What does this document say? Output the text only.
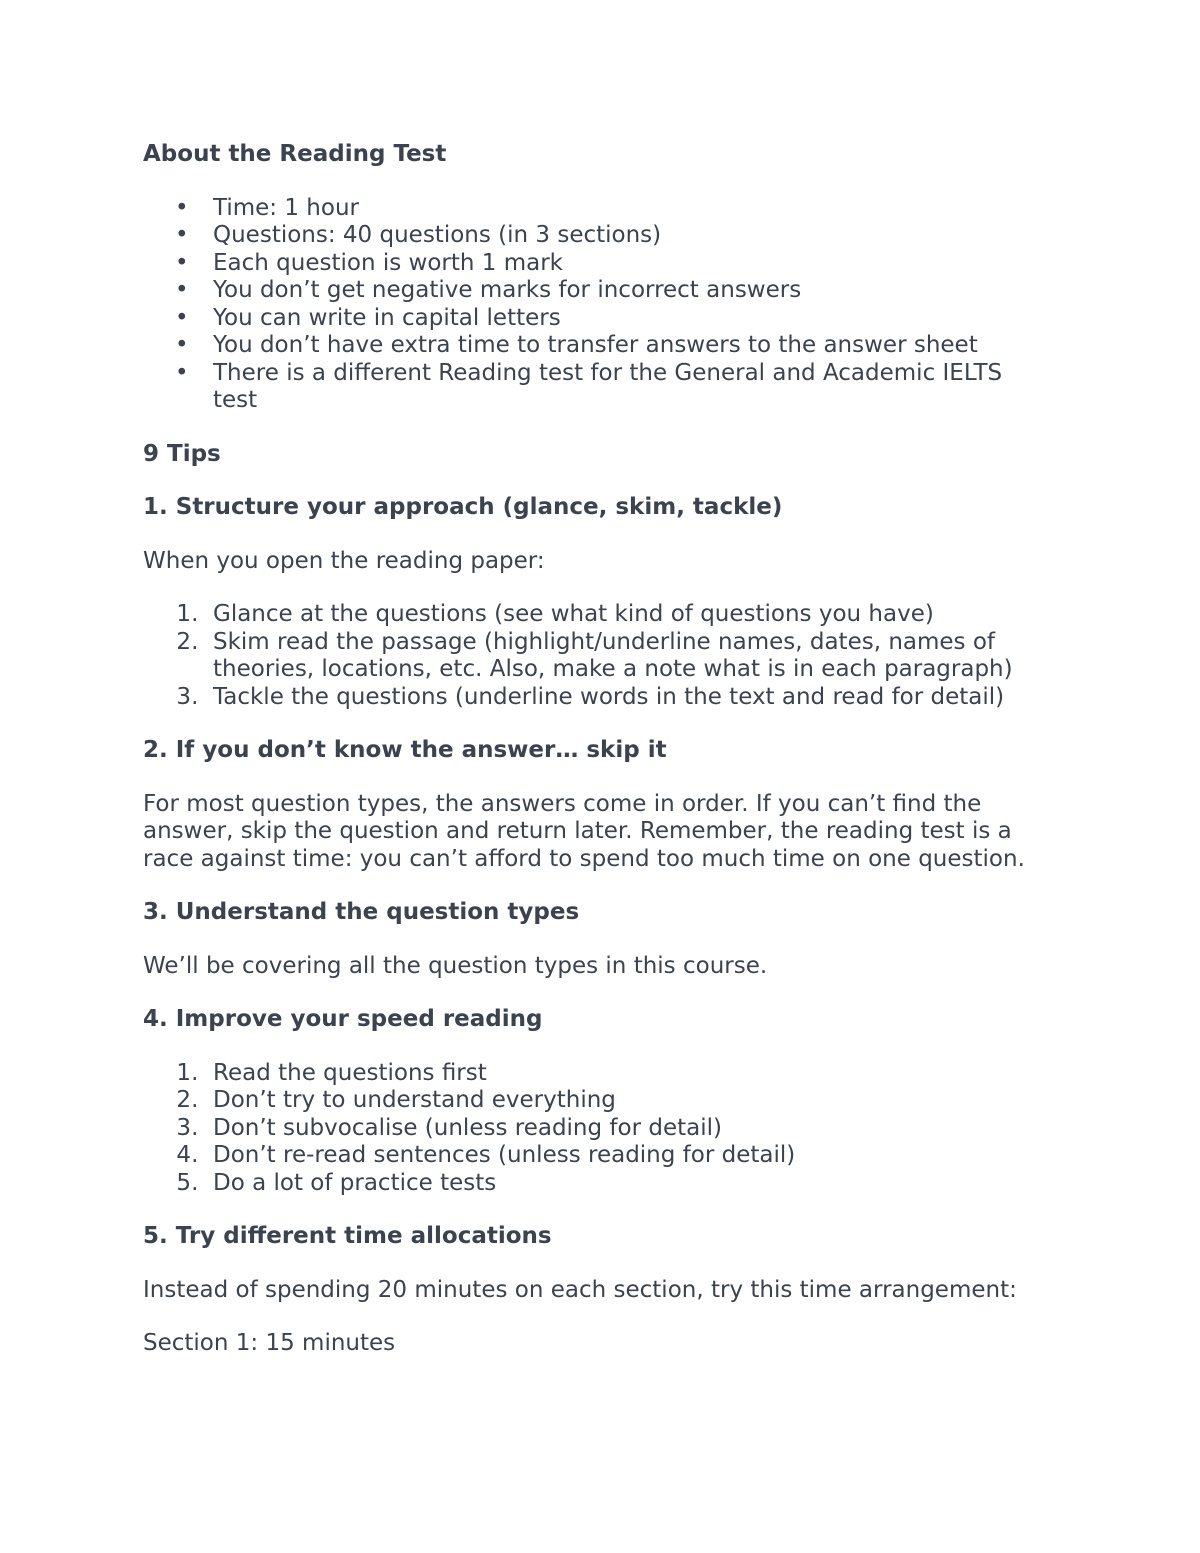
About the Reading Test
• Time: 1 hour
• Questions: 40 questions (in 3 sections)
• Each question is worth 1 mark
• You don’t get negative marks for incorrect answers
• You can write in capital letters
• You don’t have extra time to transfer answers to the answer sheet
• There is a different Reading test for the General and Academic IELTS test
9 Tips
1. Structure your approach (glance, skim, tackle)

When you open the reading paper:

1. Glance at the questions (see what kind of questions you have)
2. Skim read the passage (highlight/underline names, dates, names of theories, locations, etc. Also, make a note what is in each paragraph)
3. Tackle the questions (underline words in the text and read for detail)
2. If you don’t know the answer… skip it

For most question types, the answers come in order. If you can’t find the answer, skip the question and return later. Remember, the reading test is a race against time: you can’t afford to spend too much time on one question.

3. Understand the question types

We’ll be covering all the question types in this course.

4. Improve your speed reading
1. Read the questions first
2. Don’t try to understand everything
3. Don’t subvocalise (unless reading for detail)
4. Don’t re-read sentences (unless reading for detail)
5. Do a lot of practice tests
5. Try different time allocations

Instead of spending 20 minutes on each section, try this time arrangement:

Section 1: 15 minutes
